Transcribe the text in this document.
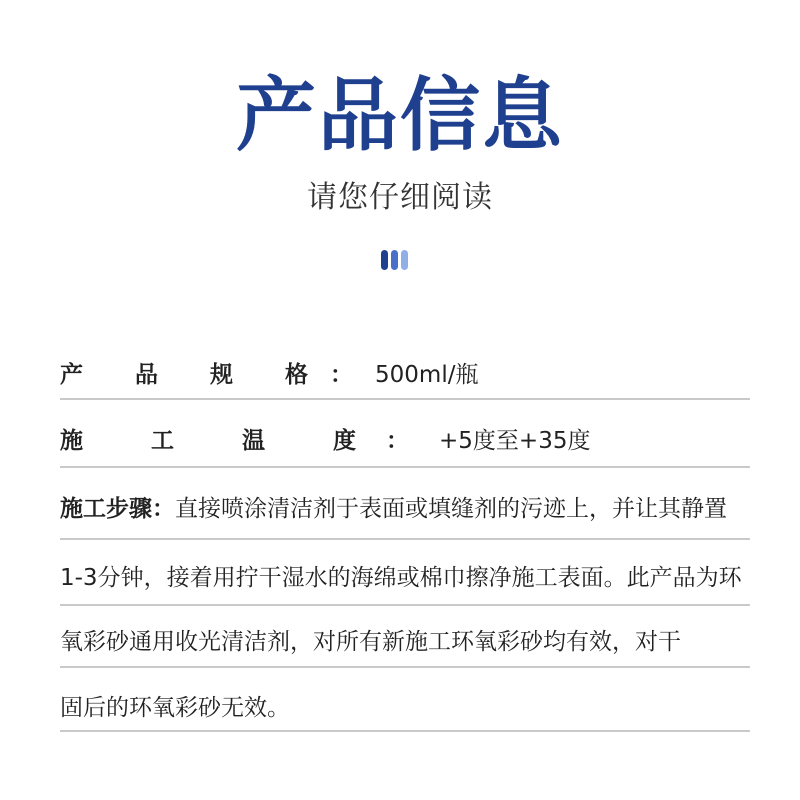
产品信息
请您仔细阅读
产 品 规 格：500ml/瓶
施 工 温 度：+5度至+35度
施工步骤：直接喷涂清洁剂于表面或填缝剂的污迹上，并让其静置
1-3分钟，接着用拧干湿水的海绵或棉巾擦净施工表面。此产品为环
氧彩砂通用收光清洁剂，对所有新施工环氧彩砂均有效，对干
固后的环氧彩砂无效。
